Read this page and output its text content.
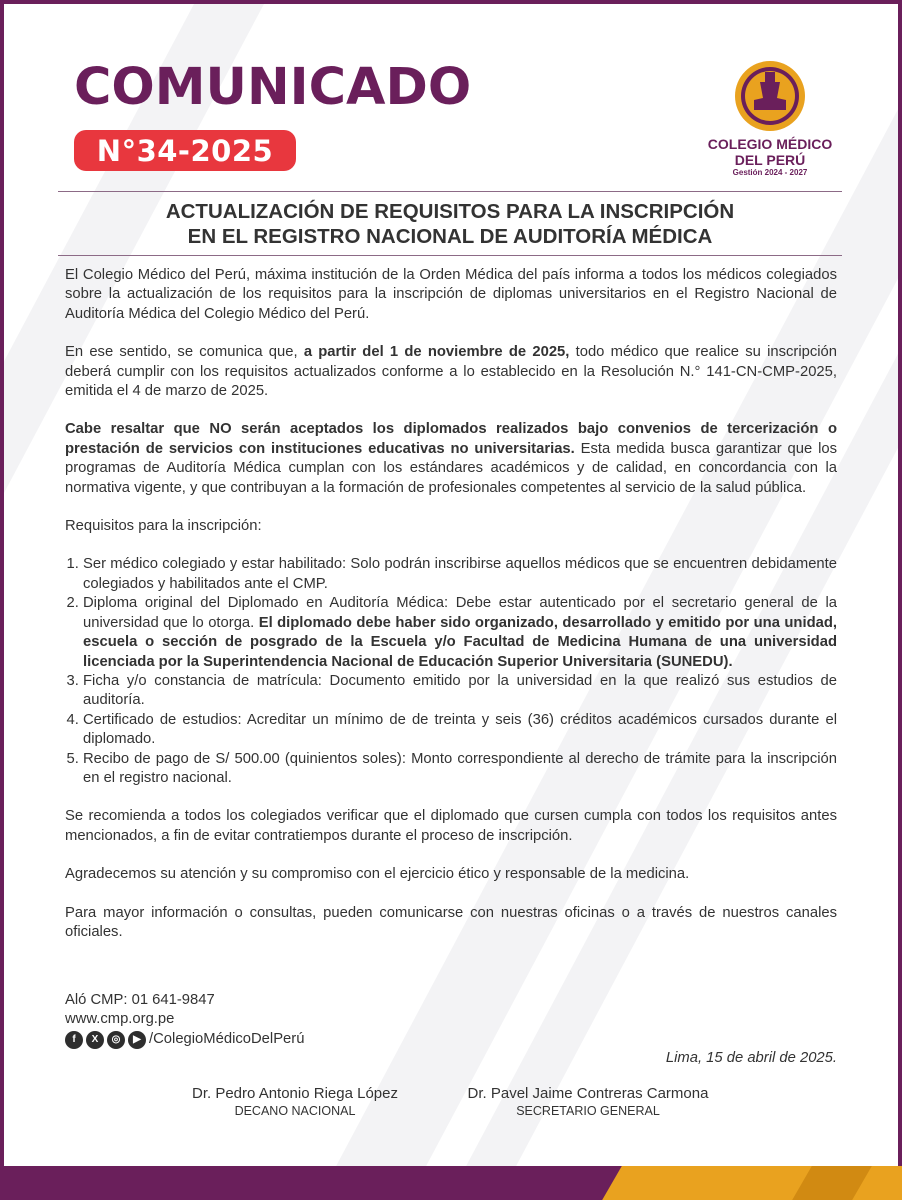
COMUNICADO
N°34-2025	COLEGIO MÉDICO
DEL PERÚ
Gestión 2024 - 2027
ACTUALIZACIÓN DE REQUISITOS PARA LA INSCRIPCIÓN
EN EL REGISTRO NACIONAL DE AUDITORÍA MÉDICA

El Colegio Médico del Perú, máxima institución de la Orden Médica del país informa a todos los médicos colegiados sobre la actualización de los requisitos para la inscripción de diplomas universitarios en el Registro Nacional de Auditoría Médica del Colegio Médico del Perú.

En ese sentido, se comunica que, a partir del 1 de noviembre de 2025, todo médico que realice su inscripción deberá cumplir con los requisitos actualizados conforme a lo establecido en la Resolución N.° 141-CN-CMP-2025, emitida el 4 de marzo de 2025.

Cabe resaltar que NO serán aceptados los diplomados realizados bajo convenios de tercerización o prestación de servicios con instituciones educativas no universitarias. Esta medida busca garantizar que los programas de Auditoría Médica cumplan con los estándares académicos y de calidad, en concordancia con la normativa vigente, y que contribuyan a la formación de profesionales competentes al servicio de la salud pública.

Requisitos para la inscripción:

1. Ser médico colegiado y estar habilitado: Solo podrán inscribirse aquellos médicos que se encuentren debidamente colegiados y habilitados ante el CMP.
2. Diploma original del Diplomado en Auditoría Médica: Debe estar autenticado por el secretario general de la universidad que lo otorga. El diplomado debe haber sido organizado, desarrollado y emitido por una unidad, escuela o sección de posgrado de la Escuela y/o Facultad de Medicina Humana de una universidad licenciada por la Superintendencia Nacional de Educación Superior Universitaria (SUNEDU).
3. Ficha y/o constancia de matrícula: Documento emitido por la universidad en la que realizó sus estudios de auditoría.
4. Certificado de estudios: Acreditar un mínimo de de treinta y seis (36) créditos académicos cursados durante el diplomado.
5. Recibo de pago de S/ 500.00 (quinientos soles): Monto correspondiente al derecho de trámite para la inscripción en el registro nacional.

Se recomienda a todos los colegiados verificar que el diplomado que cursen cumpla con todos los requisitos antes mencionados, a fin de evitar contratiempos durante el proceso de inscripción.

Agradecemos su atención y su compromiso con el ejercicio ético y responsable de la medicina.

Para mayor información o consultas, pueden comunicarse con nuestras oficinas o a través de nuestros canales oficiales.

Aló CMP: 01 641-9847
www.cmp.org.pe
f	X	◎	▶ /ColegioMédicoDelPerú
Lima, 15 de abril de 2025.
Dr. Pedro Antonio Riega López
DECANO NACIONAL
Dr. Pavel Jaime Contreras Carmona
SECRETARIO GENERAL
